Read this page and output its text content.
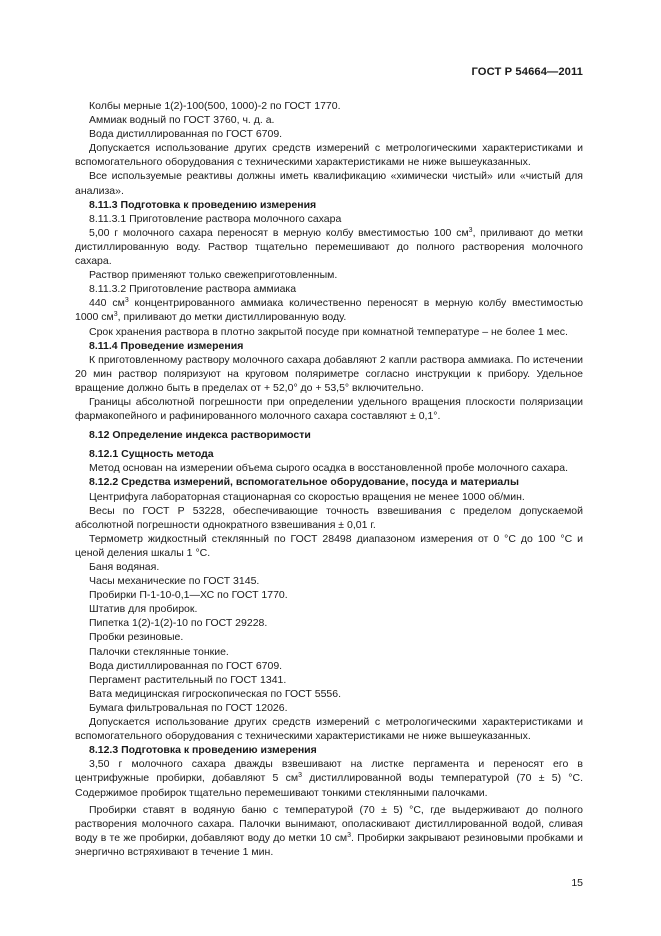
ГОСТ Р 54664—2011

Колбы мерные 1(2)-100(500, 1000)-2 по ГОСТ 1770.

Аммиак водный по ГОСТ 3760, ч. д. а.

Вода дистиллированная по ГОСТ 6709.

Допускается использование других средств измерений с метрологическими характеристиками и вспомогательного оборудования с техническими характеристиками не ниже вышеуказанных.

Все используемые реактивы должны иметь квалификацию «химически чистый» или «чистый для анализа».

8.11.3 Подготовка к проведению измерения

8.11.3.1 Приготовление раствора молочного сахара

5,00 г молочного сахара переносят в мерную колбу вместимостью 100 $см^3$, приливают до метки дистиллированную воду. Раствор тщательно перемешивают до полного растворения молочного сахара.

Раствор применяют только свежеприготовленным.

8.11.3.2 Приготовление раствора аммиака

440 $см^3$ концентрированного аммиака количественно переносят в мерную колбу вместимостью 1000 $см^3$, приливают до метки дистиллированную воду.

Срок хранения раствора в плотно закрытой посуде при комнатной температуре – не более 1 мес.

8.11.4 Проведение измерения

К приготовленному раствору молочного сахара добавляют 2 капли раствора аммиака. По истечении 20 мин раствор поляризуют на круговом поляриметре согласно инструкции к прибору. Удельное вращение должно быть в пределах от + 52,0° до + 53,5° включительно.

Границы абсолютной погрешности при определении удельного вращения плоскости поляризации фармакопейного и рафинированного молочного сахара составляют ± 0,1°.

8.12 Определение индекса растворимости

8.12.1 Сущность метода

Метод основан на измерении объема сырого осадка в восстановленной пробе молочного сахара.

8.12.2 Средства измерений, вспомогательное оборудование, посуда и материалы

Центрифуга лабораторная стационарная со скоростью вращения не менее 1000 об/мин.

Весы по ГОСТ Р 53228, обеспечивающие точность взвешивания с пределом допускаемой абсолютной погрешности однократного взвешивания ± 0,01 г.

Термометр жидкостный стеклянный по ГОСТ 28498 диапазоном измерения от 0 °С до 100 °С и ценой деления шкалы 1 °С.

Баня водяная.

Часы механические по ГОСТ 3145.

Пробирки П-1-10-0,1—ХС по ГОСТ 1770.

Штатив для пробирок.

Пипетка 1(2)-1(2)-10 по ГОСТ 29228.

Пробки резиновые.

Палочки стеклянные тонкие.

Вода дистиллированная по ГОСТ 6709.

Пергамент растительный по ГОСТ 1341.

Вата медицинская гигроскопическая по ГОСТ 5556.

Бумага фильтровальная по ГОСТ 12026.

Допускается использование других средств измерений с метрологическими характеристиками и вспомогательного оборудования с техническими характеристиками не ниже вышеуказанных.

8.12.3 Подготовка к проведению измерения

3,50 г молочного сахара дважды взвешивают на листке пергамента и переносят его в центрифужные пробирки, добавляют 5 $см^3$ дистиллированной воды температурой (70 ± 5) °С. Содержимое пробирок тщательно перемешивают тонкими стеклянными палочками.

Пробирки ставят в водяную баню с температурой (70 ± 5) °С, где выдерживают до полного растворения молочного сахара. Палочки вынимают, ополаскивают дистиллированной водой, сливая воду в те же пробирки, добавляют воду до метки 10 $см^3$. Пробирки закрывают резиновыми пробками и энергично встряхивают в течение 1 мин.

15
